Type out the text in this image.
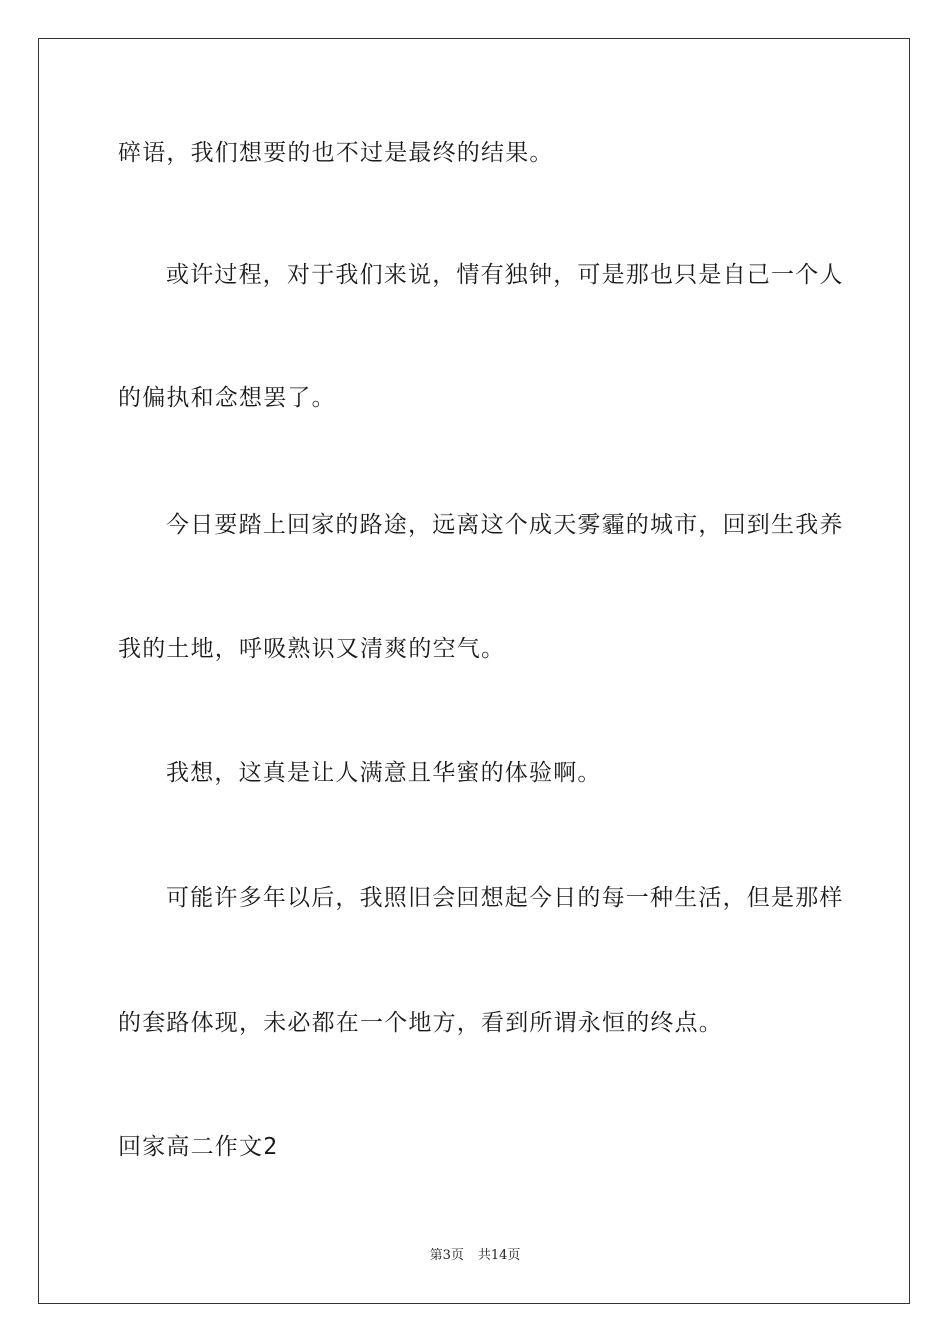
碎语，我们想要的也不过是最终的结果。
或许过程，对于我们来说，情有独钟，可是那也只是自己一个人
的偏执和念想罢了。
今日要踏上回家的路途，远离这个成天雾霾的城市，回到生我养
我的土地，呼吸熟识又清爽的空气。
我想，这真是让人满意且华蜜的体验啊。
可能许多年以后，我照旧会回想起今日的每一种生活，但是那样
的套路体现，未必都在一个地方，看到所谓永恒的终点。
回家高二作文2
第3页 共14页
